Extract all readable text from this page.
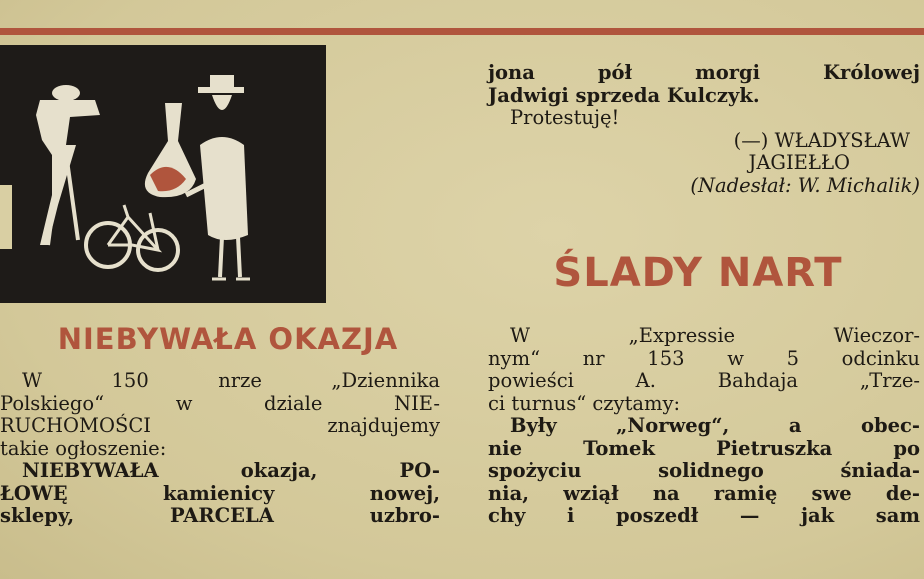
NIEBYWAŁA OKAZJA
W 150 nrze „Dziennika
Polskiego“ w dziale NIE-
RUCHOMOŚCI znajdujemy
takie ogłoszenie:
NIEBYWAŁA okazja, PO-
ŁOWĘ kamienicy nowej,
sklepy, PARCELA uzbro-
jona pół morgi Królowej
Jadwigi sprzeda Kulczyk.
Protestuję!
(—) WŁADYSŁAW
JAGIEŁŁO
(Nadesłał: W. Michalik)
ŚLADY NART
W „Expressie Wieczor-
nym“ nr 153 w 5 odcinku
powieści A. Bahdaja „Trze-
ci turnus“ czytamy:
Były „Norweg“, a obec-
nie Tomek Pietruszka po
spożyciu solidnego śniada-
nia, wziął na ramię swe de-
chy i poszedł — jak sam
